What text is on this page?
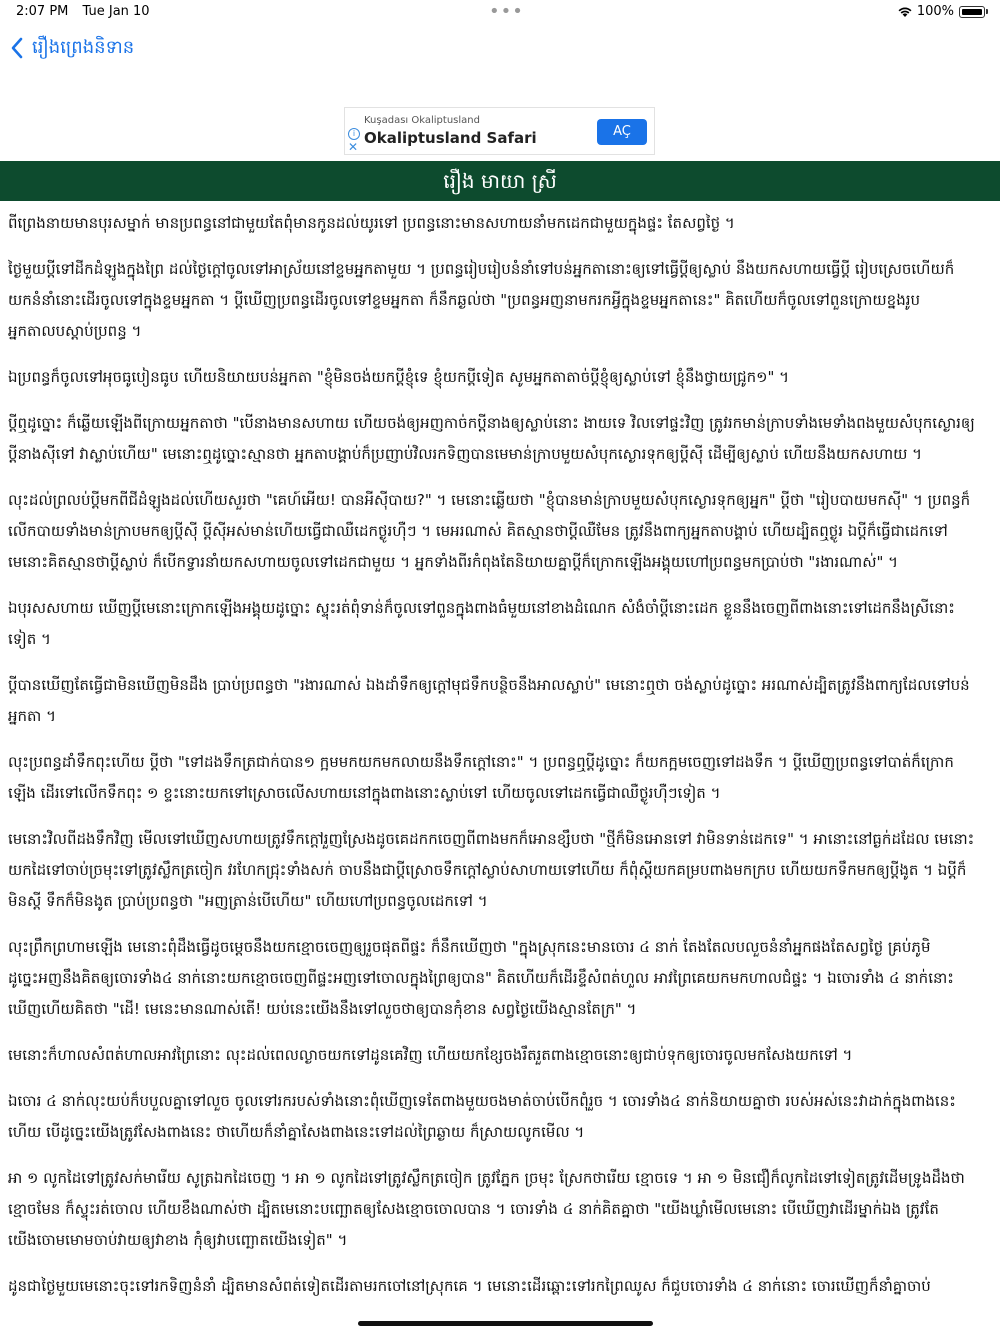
2:07 PM Tue Jan 10	•••	100%
រឿងព្រេងនិទាន
i
✕
Kuşadası Okaliptusland
Okaliptusland Safari	AÇ
រឿង មាយា ស្រី

ពីព្រេងនាយមានបុរសម្នាក់ មានប្រពន្ធនៅជាមួយតែពុំមានកូនដល់យូរទៅ ប្រពន្ធនោះមានសហាយនាំមកដេកជាមួយក្នុងផ្ទះ តែសព្វថ្ងៃ ។

ថ្ងៃមួយប្ដីទៅដីកដំឡូងក្នុងព្រៃ ដល់ថ្ងៃក្ដៅចូលទៅអាស្រ័យនៅខ្ទមអ្នកតាមួយ ។ ប្រពន្ធរៀបរៀបនំនាំទៅបន់អ្នកតានោះឲ្យទៅធ្វើប្ដីឲ្យស្លាប់ នឹងយកសហាយធ្វើប្ដី រៀបស្រេចហើយក៏យកនំនាំនោះដើរចូលទៅក្នុងខ្ទមអ្នកតា ។ ប្ដីឃើញប្រពន្ធដើរចូលទៅខ្ទមអ្នកតា ក៏នឹកឆ្ងល់ថា "ប្រពន្ធអញនាមករកអ្វីក្នុងខ្ទមអ្នកតានេះ" គិតហើយក៏ចូលទៅពួនក្រោយខ្នងរូបអ្នកតាលបស្ដាប់ប្រពន្ធ ។

ឯប្រពន្ធក៏ចូលទៅអុចធូបៀនធូប ហើយនិយាយបន់អ្នកតា "ខ្ញុំមិនចង់យកប្ដីខ្ញុំទេ ខ្ញុំយកប្ដីទៀត សូមអ្នកតាតាច់ប្ដីខ្ញុំឲ្យស្លាប់ទៅ ខ្ញុំនឹងថ្វាយជ្រូក១" ។

ប្ដីឮដូច្នោះ ក៏ឆ្លើយឡើងពីក្រោយអ្នកតាថា "បើនាងមានសហាយ ហើយចង់ឲ្យអញកាច់កប្ដីនាងឲ្យស្លាប់នោះ ងាយទេ វិលទៅផ្ទះវិញ ត្រូវរកមាន់ក្រាបទាំងមេទាំងពងមួយសំបុកស្ងោរឲ្យប្ដីនាងស៊ីទៅ វាស្លាប់ហើយ" មេនោះឮដូច្នោះស្មានថា អ្នកតាបង្គាប់ក៏ប្រញាប់វិលរកទិញបានមេមាន់ក្រាបមួយសំបុកស្ងោរទុកឲ្យប្ដីស៊ី ដើម្បីឲ្យស្លាប់ ហើយនឹងយកសហាយ ។

លុះដល់ព្រលប់ប្ដីមកពីជីដំឡូងដល់ហើយសួរថា "គេហ៍អើយ! បានអីស៊ីបាយ?" ។ មេនោះឆ្លើយថា "ខ្ញុំបានមាន់ក្រាបមួយសំបុកស្ងោរទុកឲ្យអ្នក" ប្ដីថា "រៀបបាយមកស៊ី" ។ ប្រពន្ធក៏លើកបាយទាំងមាន់ក្រាបមកឲ្យប្ដីស៊ី ប្ដីស៊ីអស់មាន់ហើយធ្វើជាឈឺដេកថ្ងូរហ៊ឺៗ ។ មេអរណាស់ គិតស្មានថាប្ដីឈឺមែន ត្រូវនឹងពាក្យអ្នកតាបង្គាប់ ហើយដ្បិតឮថ្ងូរ ឯប្ដីក៏ធ្វើជាដេកទៅ មេនោះគិតស្មានថាប្ដីស្លាប់ ក៏បើកទ្វារនាំយកសហាយចូលទៅដេកជាមួយ ។ អ្នកទាំងពីរកំពុងតែនិយាយគ្នាប្ដីក៏ក្រោកឡើងអង្គុយហៅប្រពន្ធមកប្រាប់ថា "រងារណាស់" ។

ឯបុរសសហាយ ឃើញប្ដីមេនោះក្រោកឡើងអង្គុយដូច្នោះ ស្ទុះរត់ពុំទាន់ក៏ចូលទៅពួនក្នុងពាងធំមួយនៅខាងដំណេក សំងំចាំប្ដីនោះដេក ខ្លួននឹងចេញពីពាងនោះទៅដេកនឹងស្រីនោះទៀត ។

ប្ដីបានឃើញតែធ្វើជាមិនឃើញមិនដឹង ប្រាប់ប្រពន្ធថា "រងារណាស់ ឯងដាំទឹកឲ្យក្ដៅមុជទឹកបន្ថិចនឹងអាលស្លាប់" មេនោះឮថា ចង់ស្លាប់ដូច្នោះ អរណាស់ដ្បិតត្រូវនឹងពាក្យដែលទៅបន់អ្នកតា ។

លុះប្រពន្ធដាំទឹកពុះហើយ ប្ដីថា "ទៅដងទឹកត្រជាក់បាន១ ក្អមមកយកមកលាយនឹងទឹកក្ដៅនោះ" ។ ប្រពន្ធឮប្ដីដូច្នោះ ក៏យកក្អមចេញទៅដងទឹក ។ ប្ដីឃើញប្រពន្ធទៅបាត់ក៏ក្រោកឡើង ដើរទៅលើកទឹកពុះ ១ ខ្ទះនោះយកទៅស្រោចលើសហាយនៅក្នុងពាងនោះស្លាប់ទៅ ហើយចូលទៅដេកធ្វើជាឈឺថ្ងូរហ៊ឺៗទៀត ។

មេនោះវិលពីដងទឹកវិញ មើលទៅឃើញសហាយត្រូវទឹកក្ដៅរួញស្រែងដូចគេដកកចេញពីពាងមកក៏អោនខ្សឹបថា "ថ្មីក៏មិនអោនទៅ វាមិនទាន់ដេកទេ" ។ អានោះនៅធ្ងក់ដដែល មេនោះយកដៃទៅចាប់ច្រមុះទៅត្រូវស្លឹកត្រចៀក វរហែកជ្រុះទាំងសក់ ចាបនឹងជាប្ដីស្រោចទឹកក្ដៅស្លាប់សាហាយទៅហើយ ក៏ពុំស្ដីយកគម្របពាងមកក្រប ហើយយកទឹកមកឲ្យប្ដីងូត ។ ឯប្ដីក៏មិនស្ដី ទឹកក៏មិនងូត ប្រាប់ប្រពន្ធថា "អញត្រាន់បើហើយ" ហើយហៅប្រពន្ធចូលដេកទៅ ។

លុះព្រឹកព្រហាមឡើង មេនោះពុំដឹងធ្វើដូចម្ដេចនឹងយកខ្មោចចេញឲ្យរួចផុតពីផ្ទះ ក៏នឹកឃើញថា "ក្នុងស្រុកនេះមានចោរ ៤ នាក់ តែងតែលបលួចនំនាំអ្នកផងតែសព្វថ្ងៃ គ្រប់ភូមិដូច្នេះអញនឹងគិតឲ្យចោរទាំង៤ នាក់នោះយកខ្មោចចេញពីផ្ទះអញទៅចោលក្នុងព្រៃឲ្យបាន" គិតហើយក៏ដើរខ្ទឹសំពត់ហួល អាវព្រៃគេយកមកហាលជំផ្ទះ ។ ឯចោរទាំង ៤ នាក់នោះឃើញហើយគិតថា "ដើ! មេនេះមានណាស់តើ! យប់នេះយើងនឹងទៅលួចថាឲ្យបានកុំខាន សព្វថ្ងៃយើងស្មានតែក្រ" ។

មេនោះក៏ហាលសំពត់ហាលអាវព្រៃនោះ លុះដល់ពេលល្ងាចយកទៅដូនគេវិញ ហើយយកខ្សែចងរឹតរួតពាងខ្មោចនោះឲ្យជាប់ទុកឲ្យចោរចូលមកសែងយកទៅ ។

ឯចោរ ៤ នាក់លុះយប់ក៏បបួលគ្នាទៅលួច ចូលទៅរករបស់ទាំងនោះពុំឃើញទេតែពាងមួយចងមាត់ចាប់បើកពុំរួច ។ ចោរទាំង៤ នាក់និយាយគ្នាថា របស់អស់នេះវាដាក់ក្នុងពាងនេះហើយ បើដូច្នេះយើងត្រូវសែងពាងនេះ ថាហើយក៏នាំគ្នាសែងពាងនេះទៅដល់ព្រៃឆ្ងាយ ក៏ស្រាយលូកមើល ។

អា ១ លូកដៃទៅត្រូវសក់មារើយ សូត្រឯកដៃចេញ ។ អា ១ លូកដៃទៅត្រូវស្លឹកត្រចៀក ត្រូវភ្នែក ច្រមុះ ស្រែកថារើយ ខ្មោចទេ ។ អា ១ មិនជឿក៏លូកដៃទៅទៀតត្រូវដើមទ្រូងដឹងថាខ្មោចមែន ក៏ស្ទុះរត់ចោល ហើយខឹងណាស់ថា ដ្បិតមេនោះបញ្ឆោតឲ្យសែងខ្មោចចោលបាន ។ ចោរទាំង ៤ នាក់គិតគ្នាថា "យើងឃ្លាំមើលមេនោះ បើឃើញវាដើរម្នាក់ឯង ត្រូវតែយើងចោមមោមចាប់វាយឲ្យវាខាង កុំឲ្យវាបញ្ឆោតយើងទៀត" ។

ដូនជាថ្ងៃមួយមេនោះចុះទៅរកទិញនំនាំ ដ្បិតមានសំពត់ទៀតដើរតាមរកចៅនៅស្រុកគេ ។ មេនោះដើរឆ្ពោះទៅរកព្រៃឈូស ក៏ជួបចោរទាំង ៤ នាក់នោះ ចោរឃើញក៏នាំគ្នាចាប់
